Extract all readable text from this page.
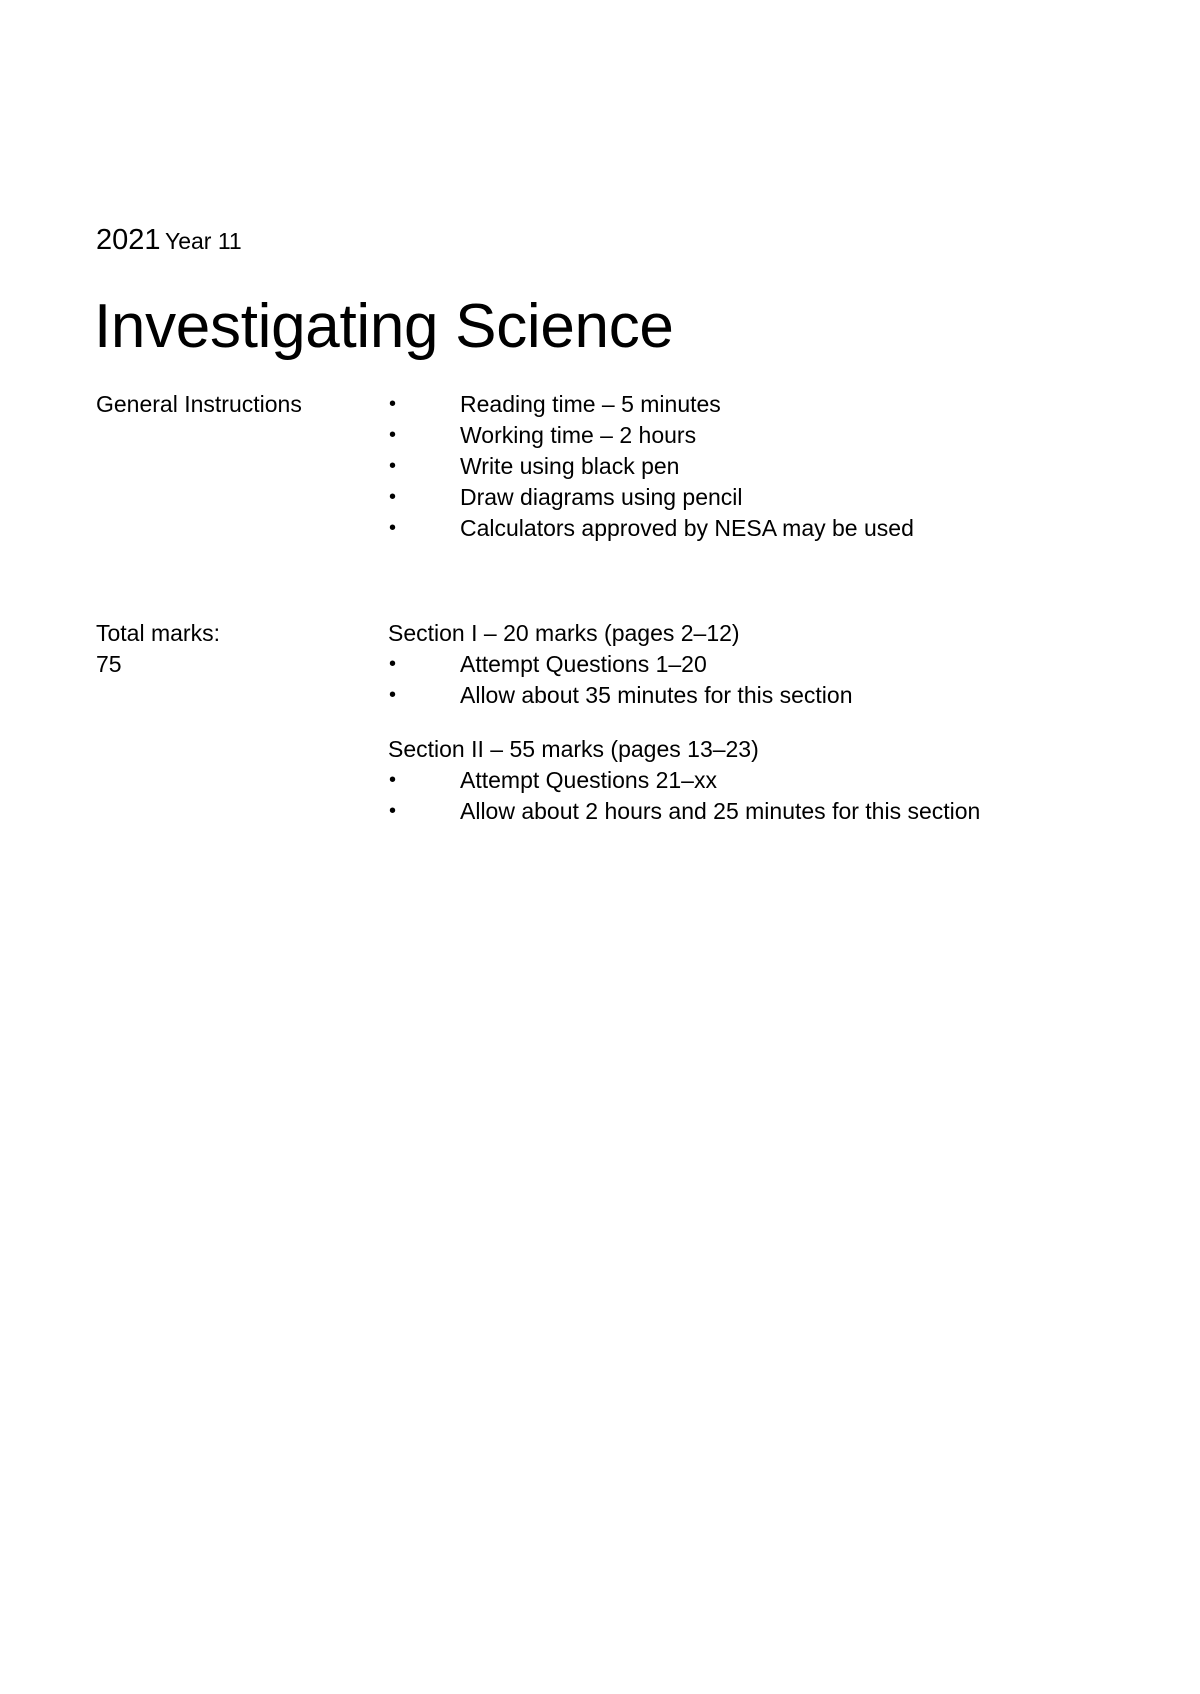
2021 Year 11
Investigating Science
General Instructions	•	Reading time – 5 minutes
•	Working time – 2 hours
•	Write using black pen
•	Draw diagrams using pencil
•	Calculators approved by NESA may be used
Total marks:
75
Section I – 20 marks (pages 2–12)
•	Attempt Questions 1–20
•	Allow about 35 minutes for this section
Section II – 55 marks (pages 13–23)
•	Attempt Questions 21–xx
•	Allow about 2 hours and 25 minutes for this section
